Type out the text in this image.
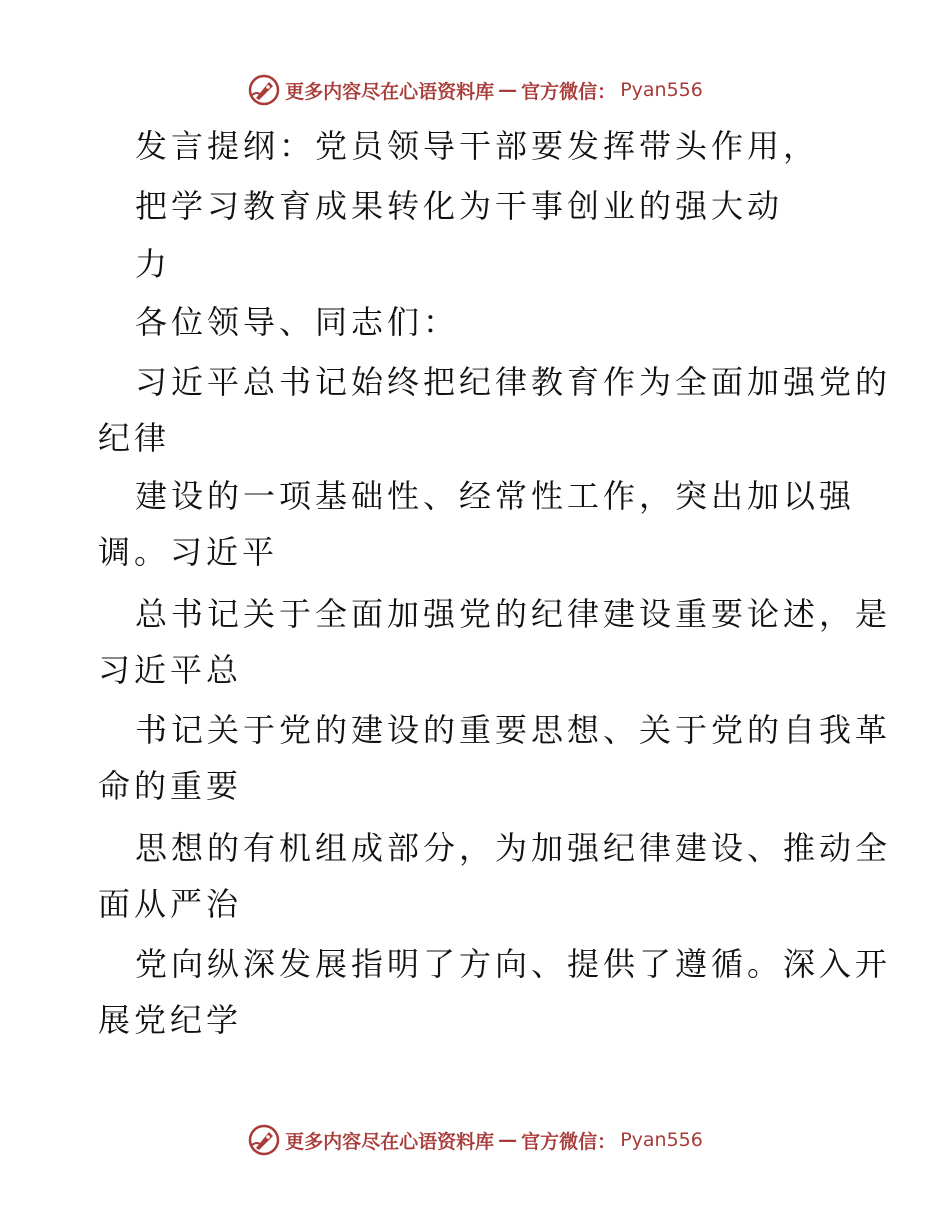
更多内容尽在心语资料库 — 官方微信： Pyan556
发言提纲：党员领导干部要发挥带头作用，
把学习教育成果转化为干事创业的强大动
力
各位领导、同志们：
习近平总书记始终把纪律教育作为全面加强党的
纪律
建设的一项基础性、经常性工作，突出加以强
调。习近平
总书记关于全面加强党的纪律建设重要论述，是
习近平总
书记关于党的建设的重要思想、关于党的自我革
命的重要
思想的有机组成部分，为加强纪律建设、推动全
面从严治
党向纵深发展指明了方向、提供了遵循。深入开
展党纪学
更多内容尽在心语资料库 — 官方微信： Pyan556
